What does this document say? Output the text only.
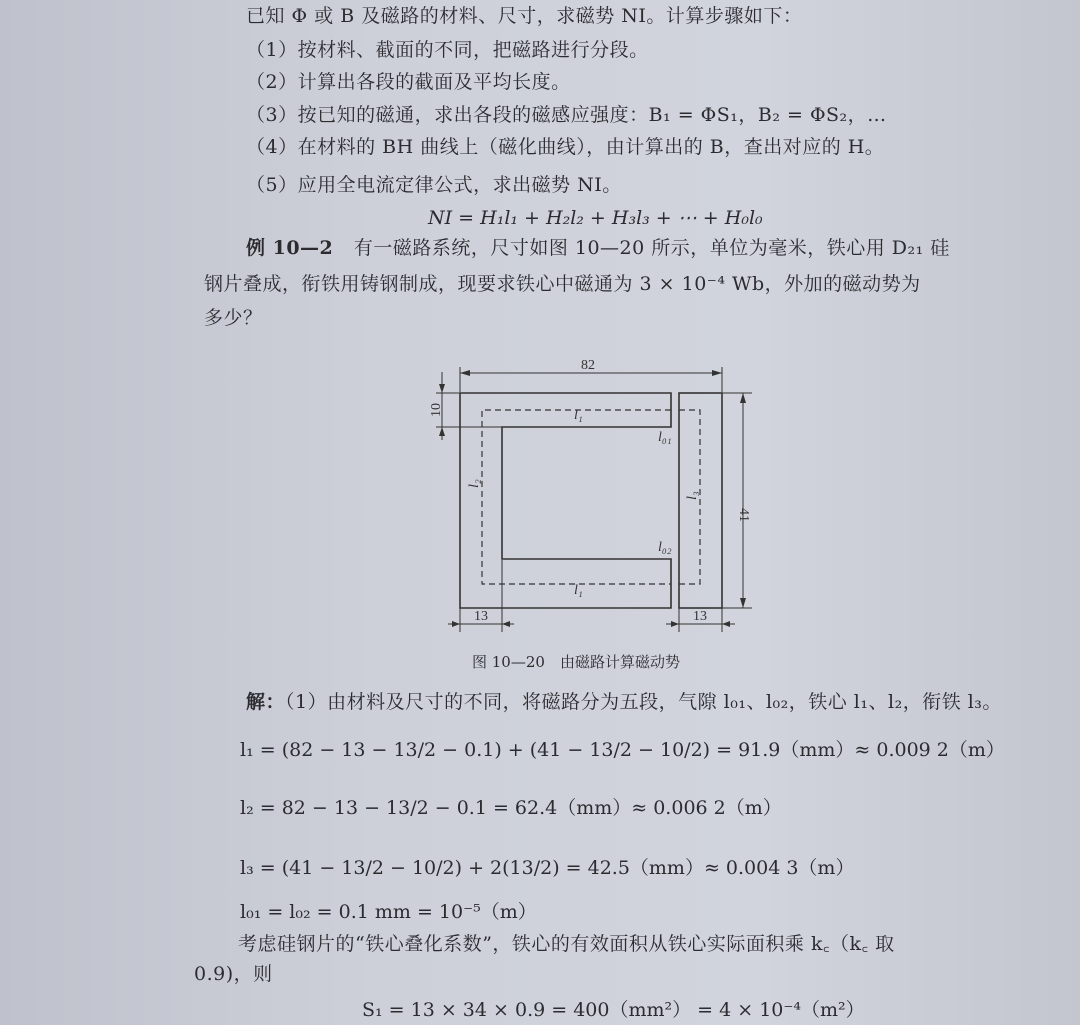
已知 Φ 或 B 及磁路的材料、尺寸，求磁势 NI。计算步骤如下：
（1）按材料、截面的不同，把磁路进行分段。
（2）计算出各段的截面及平均长度。
（3）按已知的磁通，求出各段的磁感应强度：B₁ = ΦS₁，B₂ = ΦS₂，…
（4）在材料的 BH 曲线上（磁化曲线），由计算出的 B，查出对应的 H。
（5）应用全电流定律公式，求出磁势 NI。
NI = H₁l₁ + H₂l₂ + H₃l₃ + ⋯ + H₀l₀
例 10—2 有一磁路系统，尺寸如图 10—20 所示，单位为毫米，铁心用 D₂₁ 硅
钢片叠成，衔铁用铸钢制成，现要求铁心中磁通为 3 × 10⁻⁴ Wb，外加的磁动势为
多少？
82
10
41
13	13
l₁
l₁
l₂
l₃
l₀₁
l₀₂
图 10—20　由磁路计算磁动势
解：（1）由材料及尺寸的不同，将磁路分为五段，气隙 l₀₁、l₀₂，铁心 l₁、l₂，衔铁 l₃。
l₁ = (82 − 13 − 13/2 − 0.1) + (41 − 13/2 − 10/2) = 91.9（mm）≈ 0.009 2（m）
l₂ = 82 − 13 − 13/2 − 0.1 = 62.4（mm）≈ 0.006 2（m）
l₃ = (41 − 13/2 − 10/2) + 2(13/2) = 42.5（mm）≈ 0.004 3（m）
l₀₁ = l₀₂ = 0.1 mm = 10⁻⁵（m）
考虑硅钢片的“铁心叠化系数”，铁心的有效面积从铁心实际面积乘 k꜀（k꜀ 取
0.9)，则
S₁ = 13 × 34 × 0.9 = 400（mm²） = 4 × 10⁻⁴（m²）
